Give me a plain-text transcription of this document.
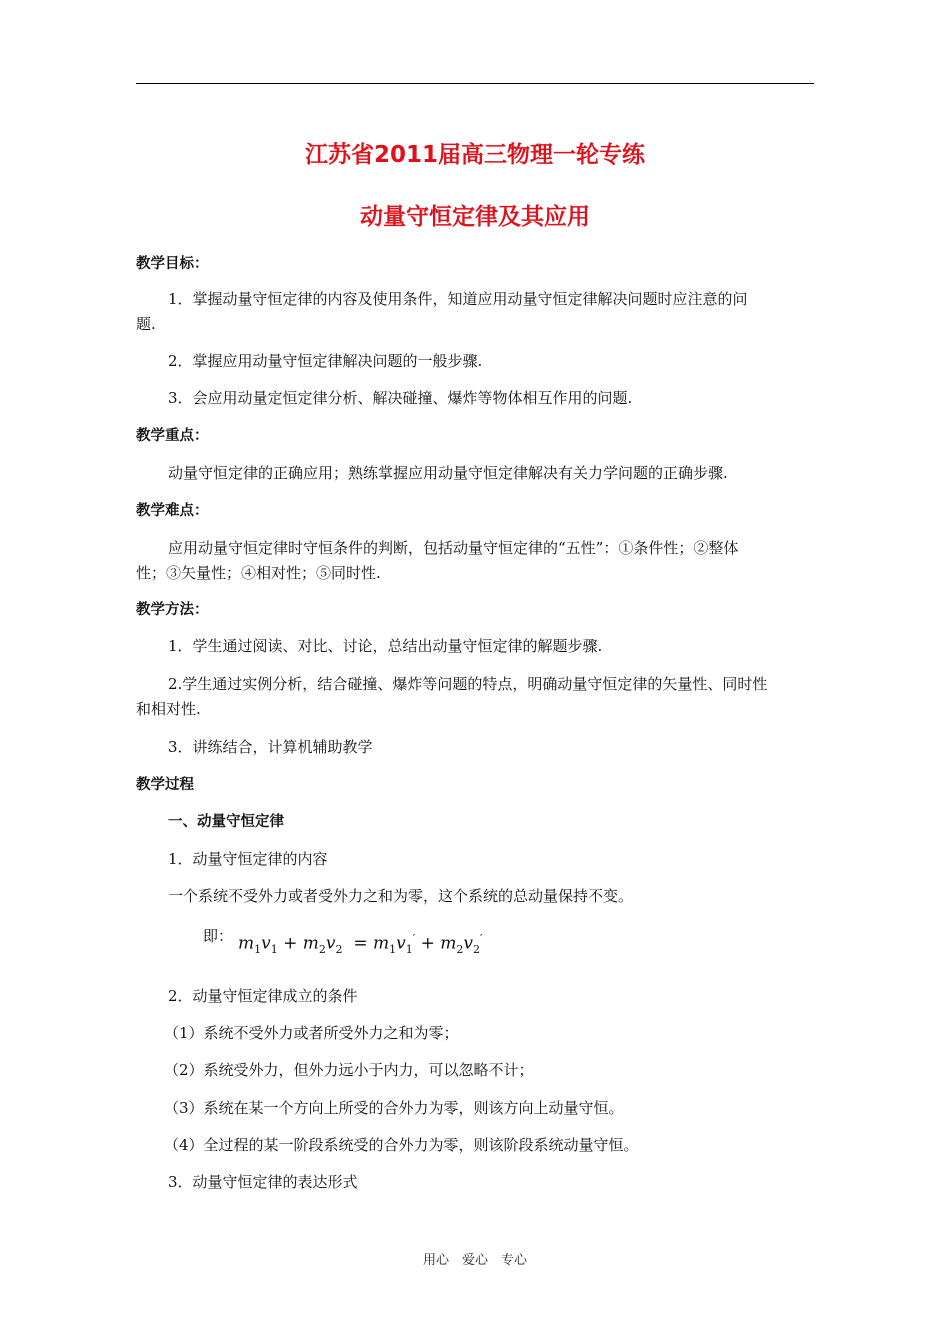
江苏省2011届高三物理一轮专练
动量守恒定律及其应用
教学目标：
1．掌握动量守恒定律的内容及使用条件，知道应用动量守恒定律解决问题时应注意的问
题.
2．掌握应用动量守恒定律解决问题的一般步骤.
3．会应用动量定恒定律分析、解决碰撞、爆炸等物体相互作用的问题.
教学重点：
动量守恒定律的正确应用；熟练掌握应用动量守恒定律解决有关力学问题的正确步骤.
教学难点：
应用动量守恒定律时守恒条件的判断，包括动量守恒定律的“五性”：①条件性；②整体
性；③矢量性；④相对性；⑤同时性.
教学方法：
1．学生通过阅读、对比、讨论，总结出动量守恒定律的解题步骤.
2.学生通过实例分析，结合碰撞、爆炸等问题的特点，明确动量守恒定律的矢量性、同时性
和相对性.
3．讲练结合，计算机辅助教学
教学过程
一、动量守恒定律
1．动量守恒定律的内容
一个系统不受外力或者受外力之和为零，这个系统的总动量保持不变。
即： $m_1v_1 + m_2v_2 = m_1v_1' + m_2v_2'$
2．动量守恒定律成立的条件
（1）系统不受外力或者所受外力之和为零；
（2）系统受外力，但外力远小于内力，可以忽略不计；
（3）系统在某一个方向上所受的合外力为零，则该方向上动量守恒。
（4）全过程的某一阶段系统受的合外力为零，则该阶段系统动量守恒。
3．动量守恒定律的表达形式
用心　爱心　专心
